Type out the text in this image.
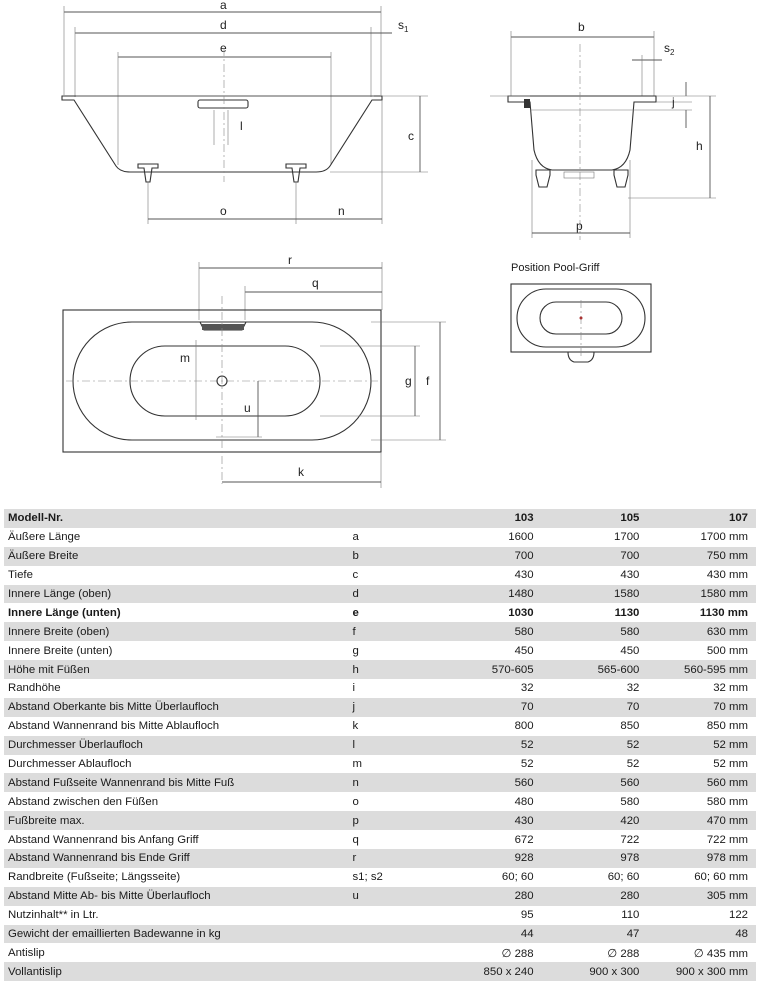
a
d	$s_1$
e
l
c
o	n
b
$s_2$
j
h
p
r
q
m
u
g f
k
Position Pool-Griff
Modell-Nr.		103	105	107
Äußere Länge	a	1600	1700	1700 mm
Äußere Breite	b	700	700	750 mm
Tiefe	c	430	430	430 mm
Innere Länge (oben)	d	1480	1580	1580 mm
Innere Länge (unten)	e	1030	1130	1130 mm
Innere Breite (oben)	f	580	580	630 mm
Innere Breite (unten)	g	450	450	500 mm
Höhe mit Füßen	h	570-605	565-600	560-595 mm
Randhöhe	i	32	32	32 mm
Abstand Oberkante bis Mitte Überlaufloch	j	70	70	70 mm
Abstand Wannenrand bis Mitte Ablaufloch	k	800	850	850 mm
Durchmesser Überlaufloch	l	52	52	52 mm
Durchmesser Ablaufloch	m	52	52	52 mm
Abstand Fußseite Wannenrand bis Mitte Fuß	n	560	560	560 mm
Abstand zwischen den Füßen	o	480	580	580 mm
Fußbreite max.	p	430	420	470 mm
Abstand Wannenrand bis Anfang Griff	q	672	722	722 mm
Abstand Wannenrand bis Ende Griff	r	928	978	978 mm
Randbreite (Fußseite; Längsseite)	s1; s2	60; 60	60; 60	60; 60 mm
Abstand Mitte Ab- bis Mitte Überlaufloch	u	280	280	305 mm
Nutzinhalt** in Ltr.		95	110	122
Gewicht der emaillierten Badewanne in kg		44	47	48
Antislip		∅ 288	∅ 288	∅ 435 mm
Vollantislip		850 x 240	900 x 300	900 x 300 mm
